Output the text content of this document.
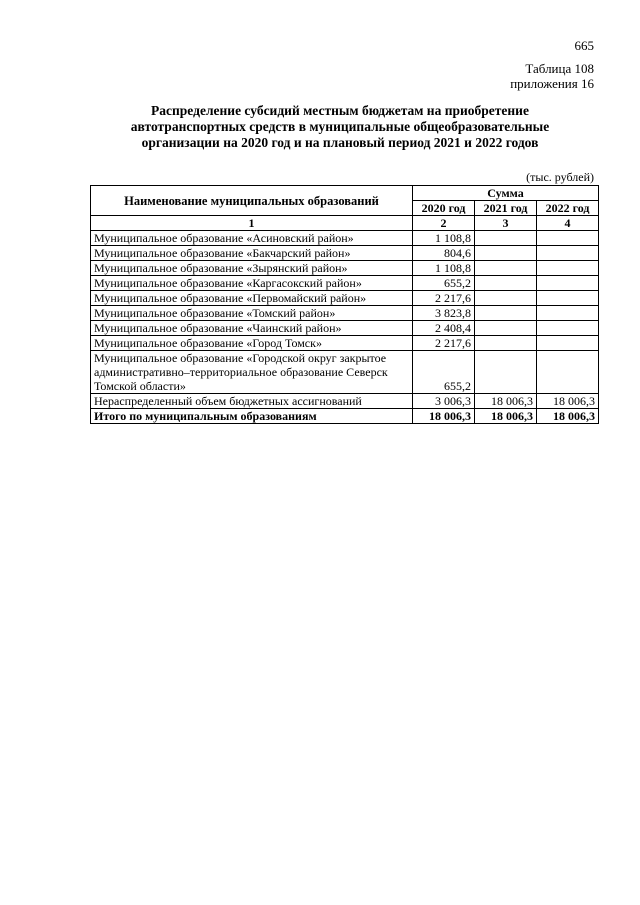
665
Таблица 108
приложения 16
Распределение субсидий местным бюджетам на приобретение
автотранспортных средств в муниципальные общеобразовательные
организации на 2020 год и на плановый период 2021 и 2022 годов
(тыс. рублей)
Наименование муниципальных образований	Сумма		
	2020 год	2021 год	2022 год
1	2	3	4
Муниципальное образование «Асиновский район»	1 108,8		
Муниципальное образование «Бакчарский район»	804,6		
Муниципальное образование «Зырянский район»	1 108,8		
Муниципальное образование «Каргасокский район»	655,2		
Муниципальное образование «Первомайский район»	2 217,6		
Муниципальное образование «Томский район»	3 823,8		
Муниципальное образование «Чаинский район»	2 408,4		
Муниципальное образование «Город Томск»	2 217,6		
Муниципальное образование «Городской округ закрытое административно–территориальное образование Северск Томской области»	655,2		
Нераспределенный объем бюджетных ассигнований	3 006,3	18 006,3	18 006,3
Итого по муниципальным образованиям	18 006,3	18 006,3	18 006,3
